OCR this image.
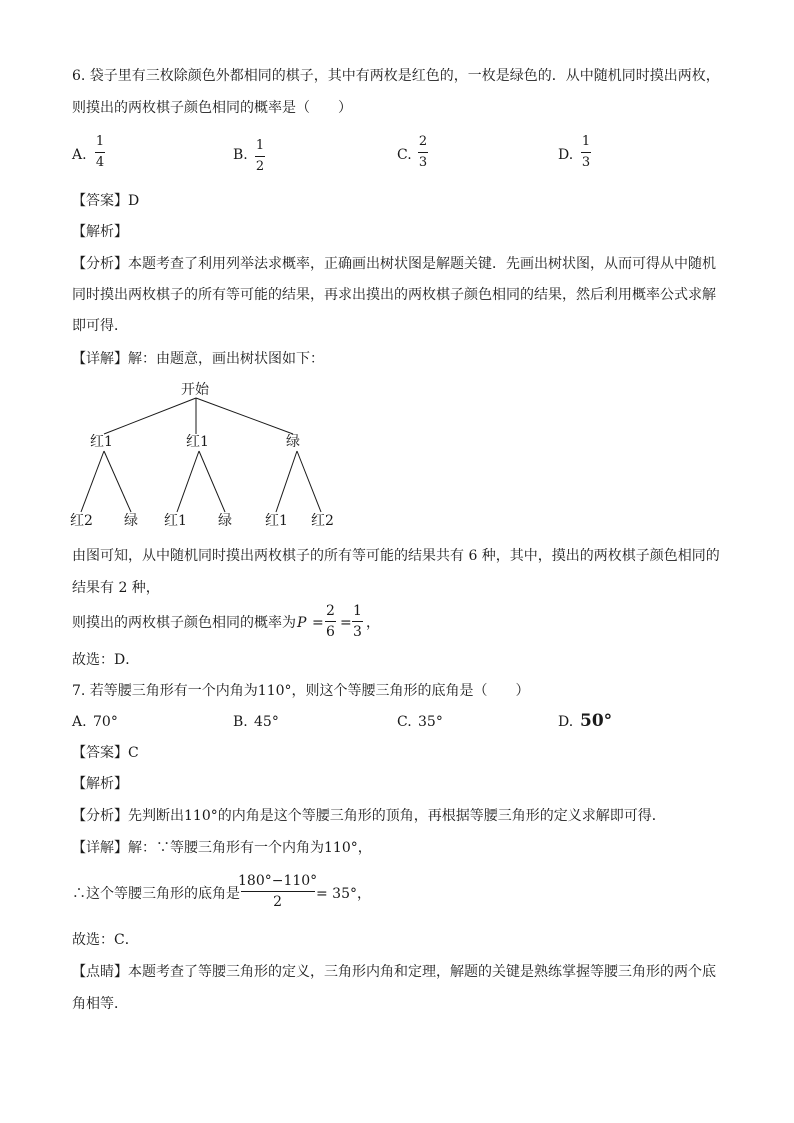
6. 袋子里有三枚除颜色外都相同的棋子，其中有两枚是红色的，一枚是绿色的．从中随机同时摸出两枚，
则摸出的两枚棋子颜色相同的概率是（　　）
A.
1
4	B.
1
2
C.
2
3	D.
1
3
【答案】D
【解析】
【分析】本题考查了利用列举法求概率，正确画出树状图是解题关键．先画出树状图，从而可得从中随机
同时摸出两枚棋子的所有等可能的结果，再求出摸出的两枚棋子颜色相同的结果，然后利用概率公式求解
即可得．
【详解】解：由题意，画出树状图如下：
开始
红1	红1	绿
红2 绿 红1 绿 红1 红2
由图可知，从中随机同时摸出两枚棋子的所有等可能的结果共有 6 种，其中，摸出的两枚棋子颜色相同的
结果有 2 种，
则摸出的两枚棋子颜色相同的概率为 P =
2
6
=
1
3
，
故选：D．
7. 若等腰三角形有一个内角为110°，则这个等腰三角形的底角是（　　）
A. 70°	B. 45°	C. 35°	D. 50°
【答案】C
【解析】
【分析】先判断出110°的内角是这个等腰三角形的顶角，再根据等腰三角形的定义求解即可得．
【详解】解：∵等腰三角形有一个内角为110°，
∴这个等腰三角形的底角是
180°−110°
2 = 35°，
故选：C．
【点睛】本题考查了等腰三角形的定义，三角形内角和定理，解题的关键是熟练掌握等腰三角形的两个底
角相等．
